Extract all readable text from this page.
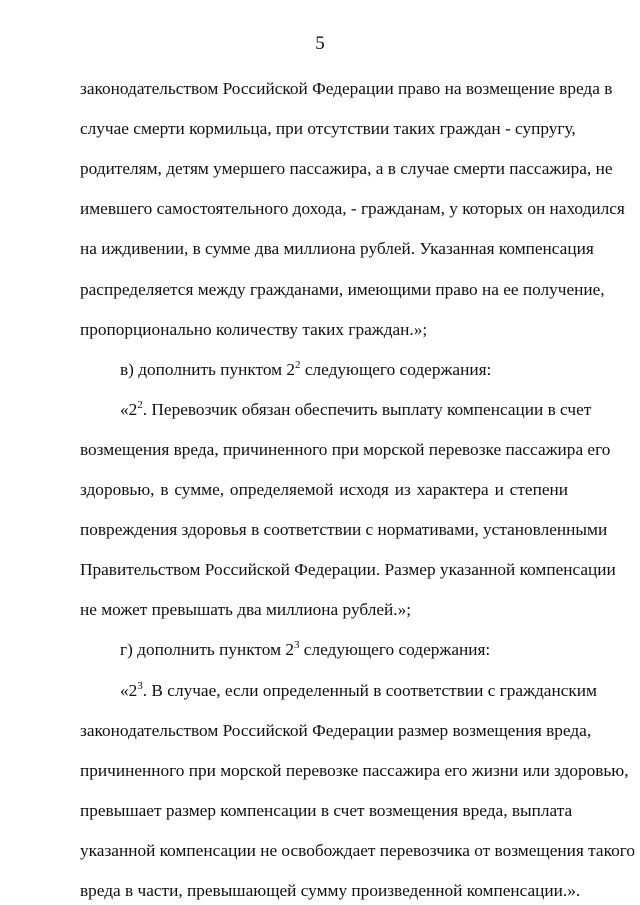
5
законодательством Российской Федерации право на возмещение вреда в
случае смерти кормильца, при отсутствии таких граждан - супругу,
родителям, детям умершего пассажира, а в случае смерти пассажира, не
имевшего самостоятельного дохода, - гражданам, у которых он находился
на иждивении, в сумме два миллиона рублей. Указанная компенсация
распределяется между гражданами, имеющими право на ее получение,
пропорционально количеству таких граждан.»;
в) дополнить пунктом $2^2$ следующего содержания:
«$2^2$. Перевозчик обязан обеспечить выплату компенсации в счет
возмещения вреда, причиненного при морской перевозке пассажира его
здоровью, в сумме, определяемой исходя из характера и степени
повреждения здоровья в соответствии с нормативами, установленными
Правительством Российской Федерации. Размер указанной компенсации
не может превышать два миллиона рублей.»;
г) дополнить пунктом $2^3$ следующего содержания:
«$2^3$. В случае, если определенный в соответствии с гражданским
законодательством Российской Федерации размер возмещения вреда,
причиненного при морской перевозке пассажира его жизни или здоровью,
превышает размер компенсации в счет возмещения вреда, выплата
указанной компенсации не освобождает перевозчика от возмещения такого
вреда в части, превышающей сумму произведенной компенсации.».
